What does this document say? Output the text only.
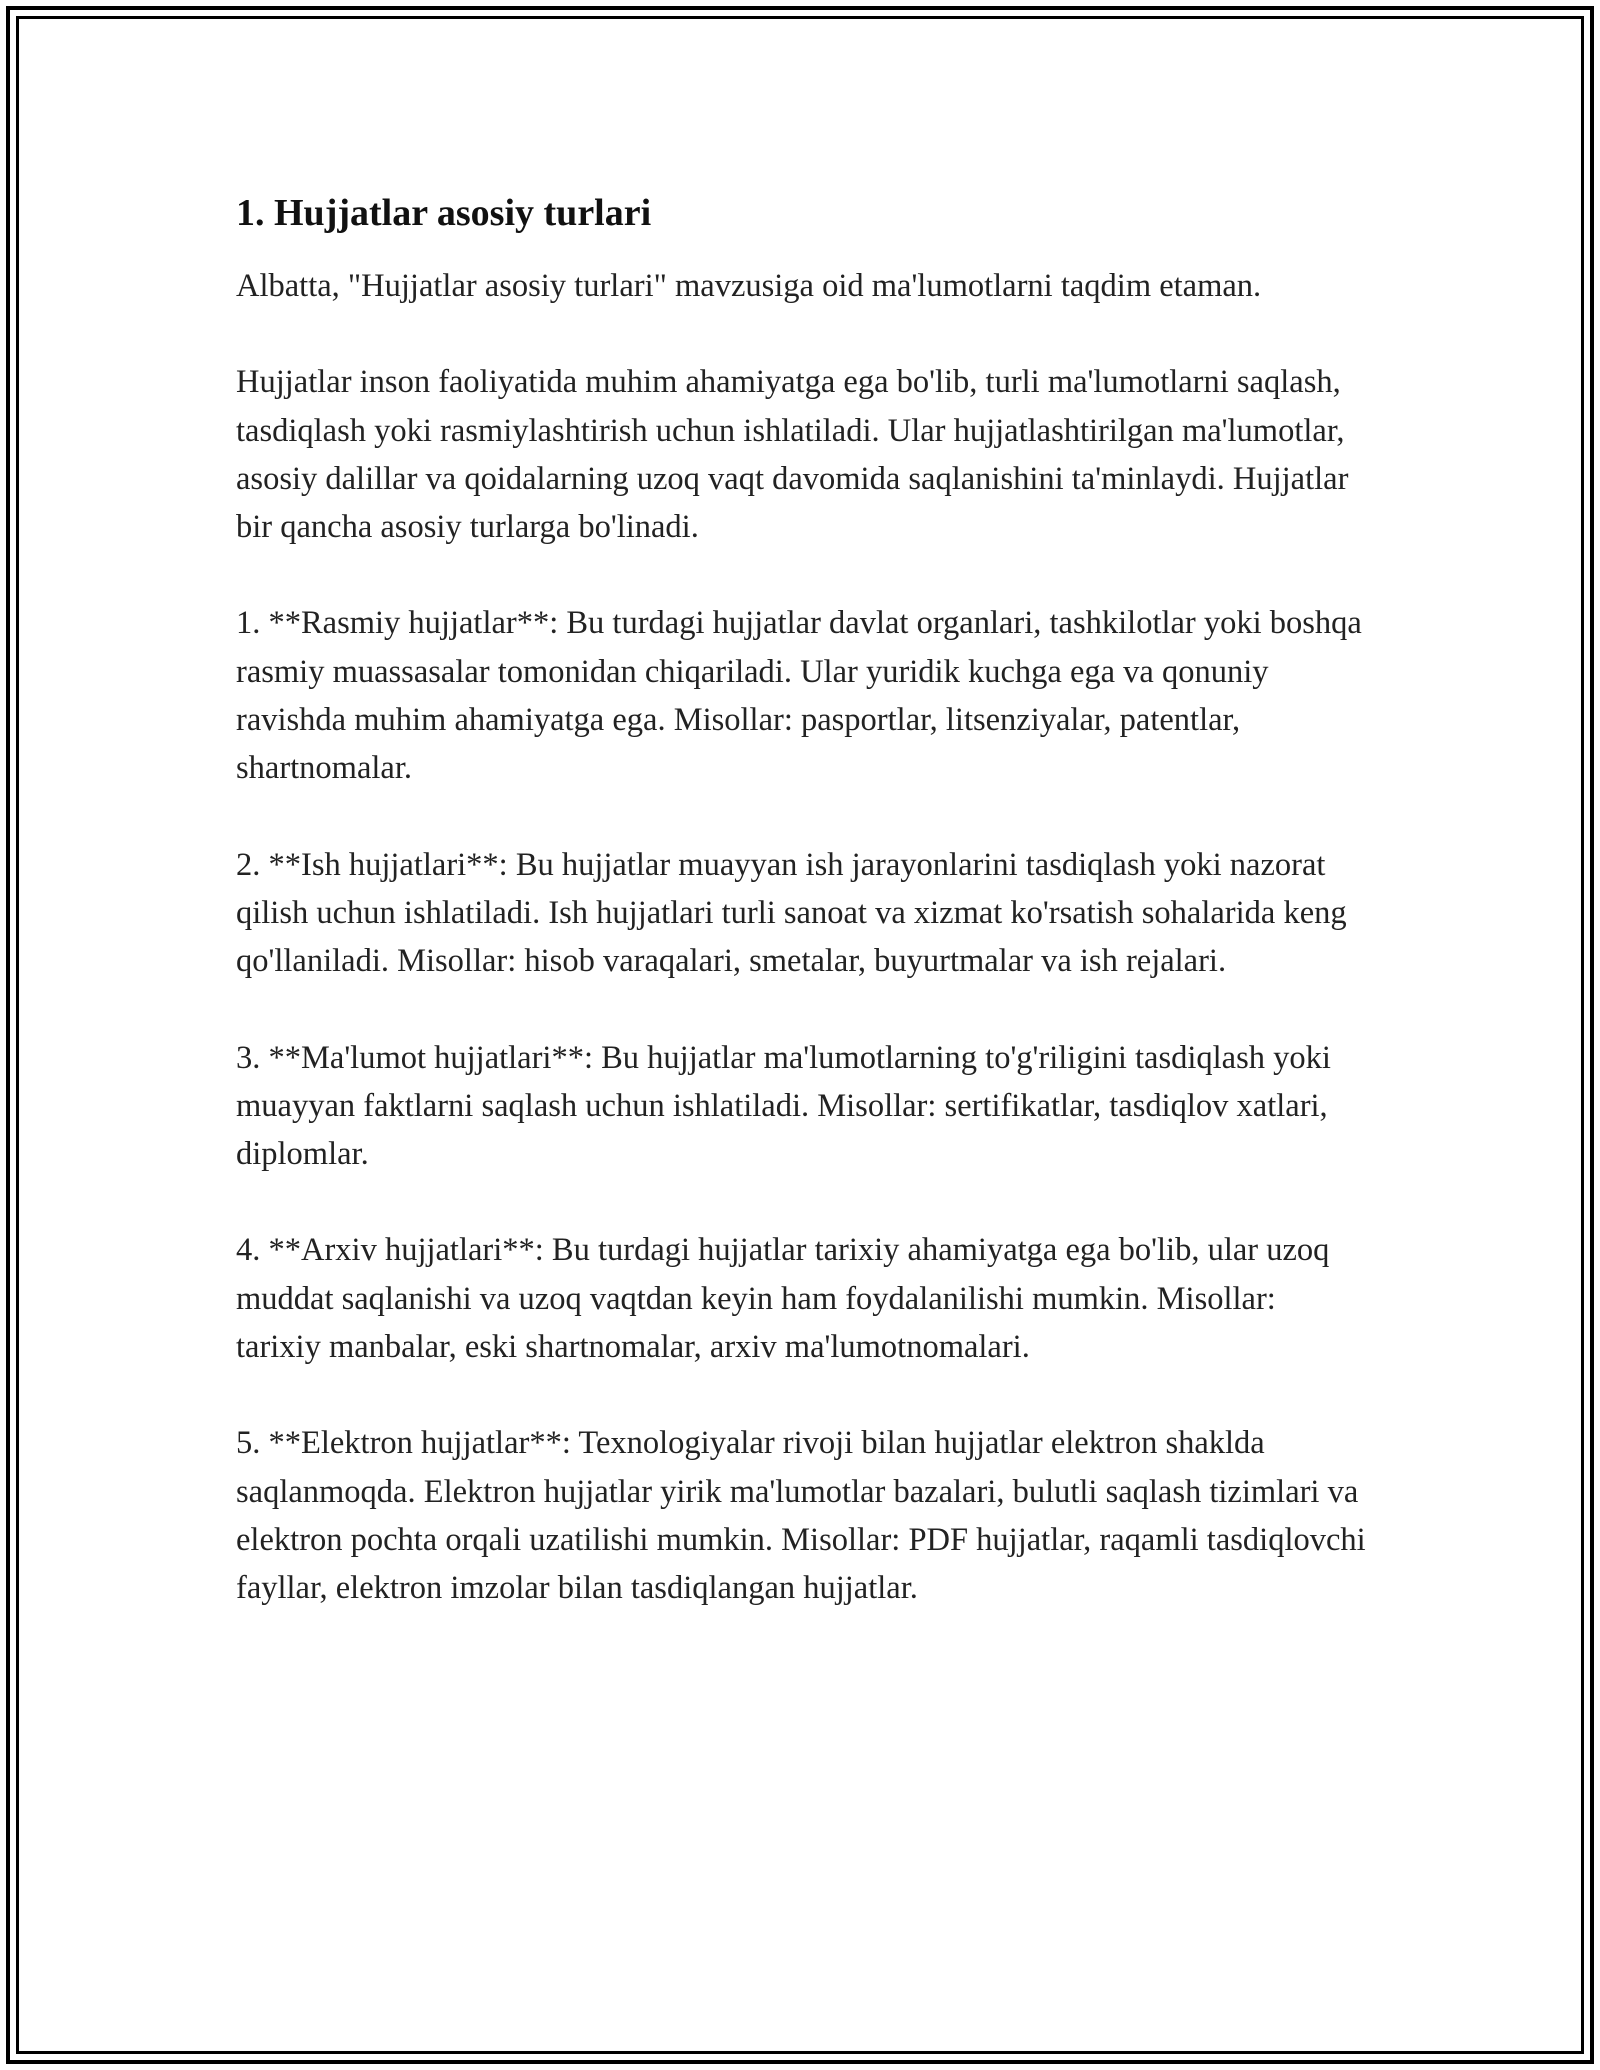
1. Hujjatlar asosiy turlari

Albatta, "Hujjatlar asosiy turlari" mavzusiga oid ma'lumotlarni taqdim etaman.

Hujjatlar inson faoliyatida muhim ahamiyatga ega bo'lib, turli ma'lumotlarni saqlash, tasdiqlash yoki rasmiylashtirish uchun ishlatiladi. Ular hujjatlashtirilgan ma'lumotlar, asosiy dalillar va qoidalarning uzoq vaqt davomida saqlanishini ta'minlaydi. Hujjatlar bir qancha asosiy turlarga bo'linadi.

1. **Rasmiy hujjatlar**: Bu turdagi hujjatlar davlat organlari, tashkilotlar yoki boshqa rasmiy muassasalar tomonidan chiqariladi. Ular yuridik kuchga ega va qonuniy ravishda muhim ahamiyatga ega. Misollar: pasportlar, litsenziyalar, patentlar, shartnomalar.

2. **Ish hujjatlari**: Bu hujjatlar muayyan ish jarayonlarini tasdiqlash yoki nazorat qilish uchun ishlatiladi. Ish hujjatlari turli sanoat va xizmat ko'rsatish sohalarida keng qo'llaniladi. Misollar: hisob varaqalari, smetalar, buyurtmalar va ish rejalari.

3. **Ma'lumot hujjatlari**: Bu hujjatlar ma'lumotlarning to'g'riligini tasdiqlash yoki muayyan faktlarni saqlash uchun ishlatiladi. Misollar: sertifikatlar, tasdiqlov xatlari, diplomlar.

4. **Arxiv hujjatlari**: Bu turdagi hujjatlar tarixiy ahamiyatga ega bo'lib, ular uzoq muddat saqlanishi va uzoq vaqtdan keyin ham foydalanilishi mumkin. Misollar: tarixiy manbalar, eski shartnomalar, arxiv ma'lumotnomalari.

5. **Elektron hujjatlar**: Texnologiyalar rivoji bilan hujjatlar elektron shaklda saqlanmoqda. Elektron hujjatlar yirik ma'lumotlar bazalari, bulutli saqlash tizimlari va elektron pochta orqali uzatilishi mumkin. Misollar: PDF hujjatlar, raqamli tasdiqlovchi fayllar, elektron imzolar bilan tasdiqlangan hujjatlar.
